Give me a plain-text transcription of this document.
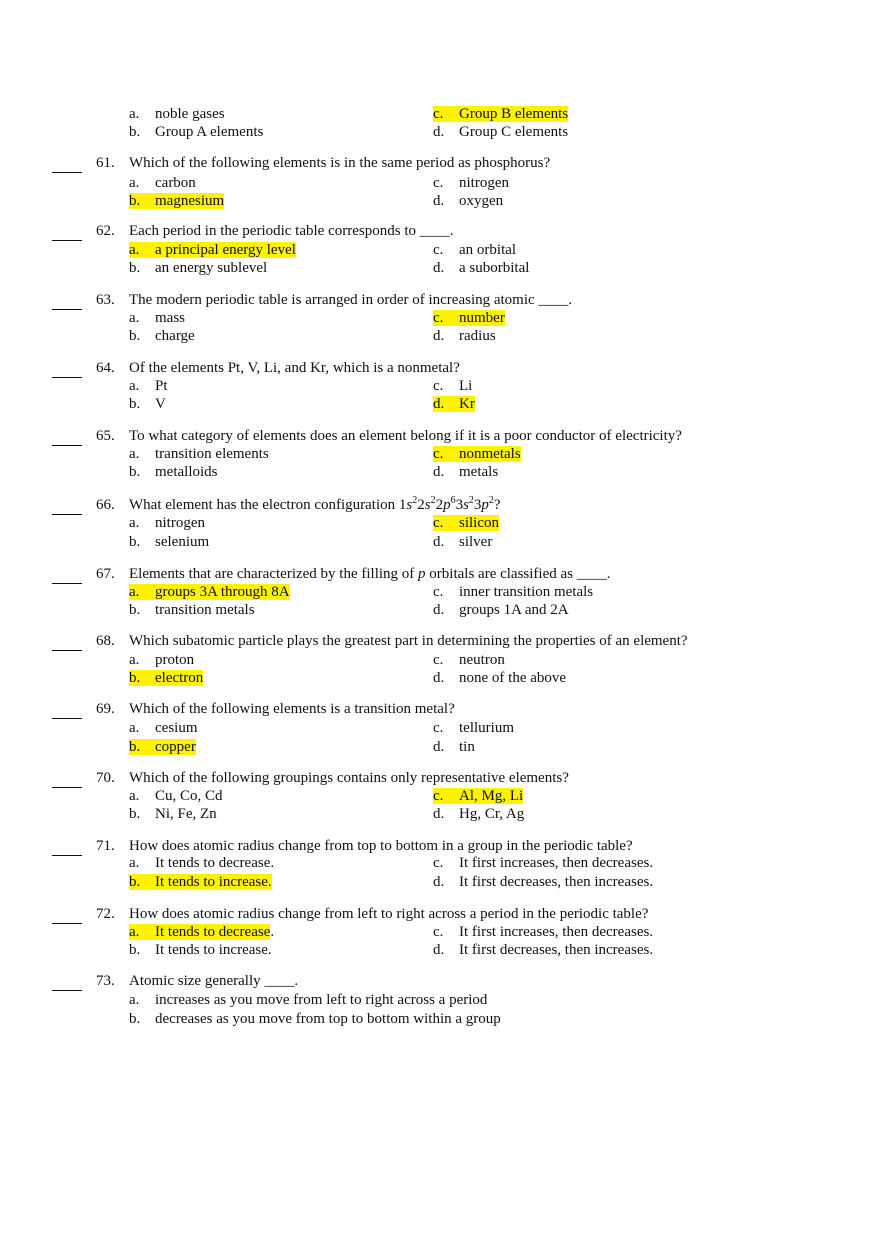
a. noble gases	c. Group B elements
b. Group A elements	d. Group C elements
61. Which of the following elements is in the same period as phosphorus?
a. carbon	c. nitrogen
b. magnesium	d. oxygen
62. Each period in the periodic table corresponds to ____.
a. a principal energy level	c. an orbital
b. an energy sublevel	d. a suborbital
63. The modern periodic table is arranged in order of increasing atomic ____.
a. mass	c. number
b. charge	d. radius
64. Of the elements Pt, V, Li, and Kr, which is a nonmetal?
a. Pt	c. Li
b. V	d. Kr
65. To what category of elements does an element belong if it is a poor conductor of electricity?
a. transition elements	c. nonmetals
b. metalloids	d. metals
66. What element has the electron configuration $1s^22s^22p^63s^23p^2$?
a. nitrogen	c. silicon
b. selenium	d. silver
67. Elements that are characterized by the filling of p orbitals are classified as ____.
a. groups 3A through 8A	c. inner transition metals
b. transition metals	d. groups 1A and 2A
68. Which subatomic particle plays the greatest part in determining the properties of an element?
a. proton	c. neutron
b. electron	d. none of the above
69. Which of the following elements is a transition metal?
a. cesium	c. tellurium
b. copper	d. tin
70. Which of the following groupings contains only representative elements?
a. Cu, Co, Cd	c. Al, Mg, Li
b. Ni, Fe, Zn	d. Hg, Cr, Ag
71. How does atomic radius change from top to bottom in a group in the periodic table?
a. It tends to decrease.	c. It first increases, then decreases.
b. It tends to increase.	d. It first decreases, then increases.
72. How does atomic radius change from left to right across a period in the periodic table?
a. It tends to decrease.	c. It first increases, then decreases.
b. It tends to increase.	d. It first decreases, then increases.
73. Atomic size generally ____.
a. increases as you move from left to right across a period
b. decreases as you move from top to bottom within a group
